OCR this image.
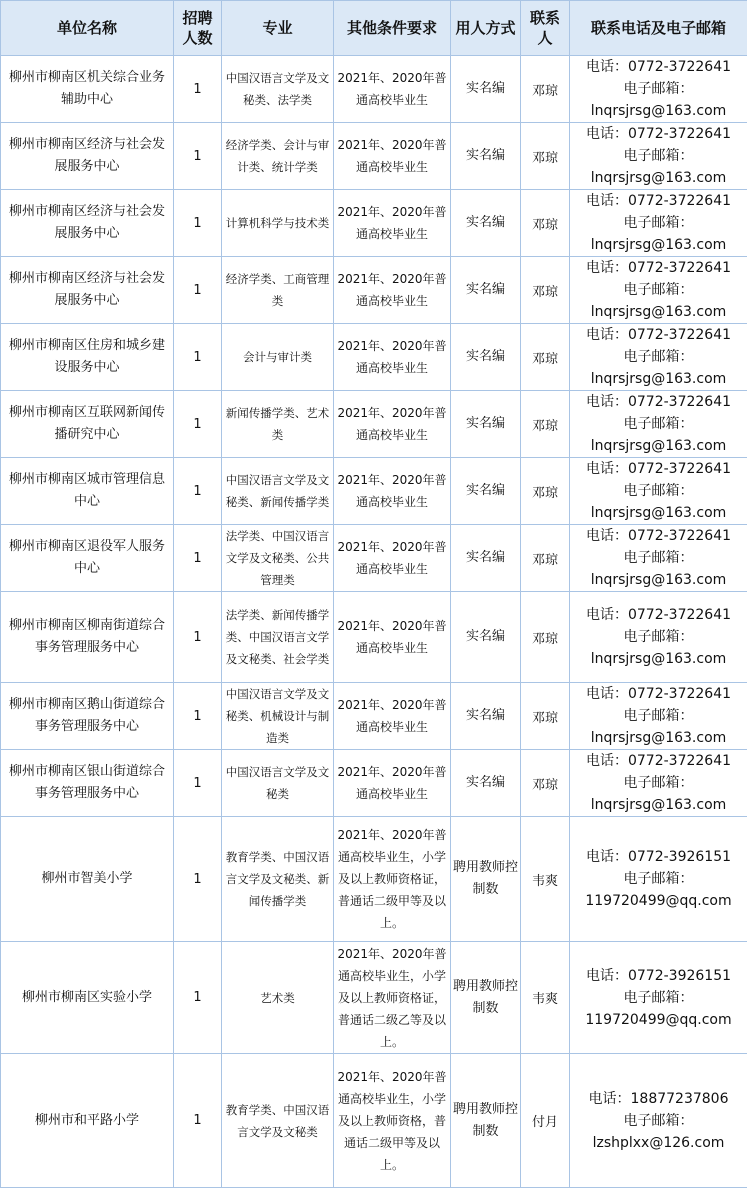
单位名称	招聘人数	专业	其他条件要求	用人方式	联系人	联系电话及电子邮箱
柳州市柳南区机关综合业务辅助中心	1	中国汉语言文学及文秘类、法学类	2021年、2020年普通高校毕业生	实名编	邓琼	电话：0772-3722641
电子邮箱：
lnqrsjrsg@163.com

柳州市柳南区经济与社会发展服务中心	1	经济学类、会计与审计类、统计学类	2021年、2020年普通高校毕业生	实名编	邓琼	电话：0772-3722641
电子邮箱：
lnqrsjrsg@163.com

柳州市柳南区经济与社会发展服务中心	1	计算机科学与技术类	2021年、2020年普通高校毕业生	实名编	邓琼	电话：0772-3722641
电子邮箱：
lnqrsjrsg@163.com

柳州市柳南区经济与社会发展服务中心	1	经济学类、工商管理类	2021年、2020年普通高校毕业生	实名编	邓琼	电话：0772-3722641
电子邮箱：
lnqrsjrsg@163.com

柳州市柳南区住房和城乡建设服务中心	1	会计与审计类	2021年、2020年普通高校毕业生	实名编	邓琼	电话：0772-3722641
电子邮箱：
lnqrsjrsg@163.com

柳州市柳南区互联网新闻传播研究中心	1	新闻传播学类、艺术类	2021年、2020年普通高校毕业生	实名编	邓琼	电话：0772-3722641
电子邮箱：
lnqrsjrsg@163.com

柳州市柳南区城市管理信息中心	1	中国汉语言文学及文秘类、新闻传播学类	2021年、2020年普通高校毕业生	实名编	邓琼	电话：0772-3722641
电子邮箱：
lnqrsjrsg@163.com

柳州市柳南区退役军人服务中心	1	法学类、中国汉语言文学及文秘类、公共管理类	2021年、2020年普通高校毕业生	实名编	邓琼	电话：0772-3722641
电子邮箱：
lnqrsjrsg@163.com

柳州市柳南区柳南街道综合事务管理服务中心	1	法学类、新闻传播学类、中国汉语言文学及文秘类、社会学类	2021年、2020年普通高校毕业生	实名编	邓琼	电话：0772-3722641
电子邮箱：
lnqrsjrsg@163.com

柳州市柳南区鹅山街道综合事务管理服务中心	1	中国汉语言文学及文秘类、机械设计与制造类	2021年、2020年普通高校毕业生	实名编	邓琼	电话：0772-3722641
电子邮箱：
lnqrsjrsg@163.com

柳州市柳南区银山街道综合事务管理服务中心	1	中国汉语言文学及文秘类	2021年、2020年普通高校毕业生	实名编	邓琼	电话：0772-3722641
电子邮箱：
lnqrsjrsg@163.com

柳州市智美小学	1	教育学类、中国汉语言文学及文秘类、新闻传播学类	2021年、2020年普通高校毕业生，小学及以上教师资格证，普通话二级甲等及以上。	聘用教师控制数	韦爽	电话：0772-3926151
电子邮箱：
119720499@qq.com

柳州市柳南区实验小学	1	艺术类	2021年、2020年普通高校毕业生，小学及以上教师资格证，普通话二级乙等及以上。	聘用教师控制数	韦爽	电话：0772-3926151
电子邮箱：
119720499@qq.com

柳州市和平路小学	1	教育学类、中国汉语言文学及文秘类	2021年、2020年普通高校毕业生，小学及以上教师资格，普通话二级甲等及以上。	聘用教师控制数	付月	电话：18877237806
电子邮箱：
lzshplxx@126.com
